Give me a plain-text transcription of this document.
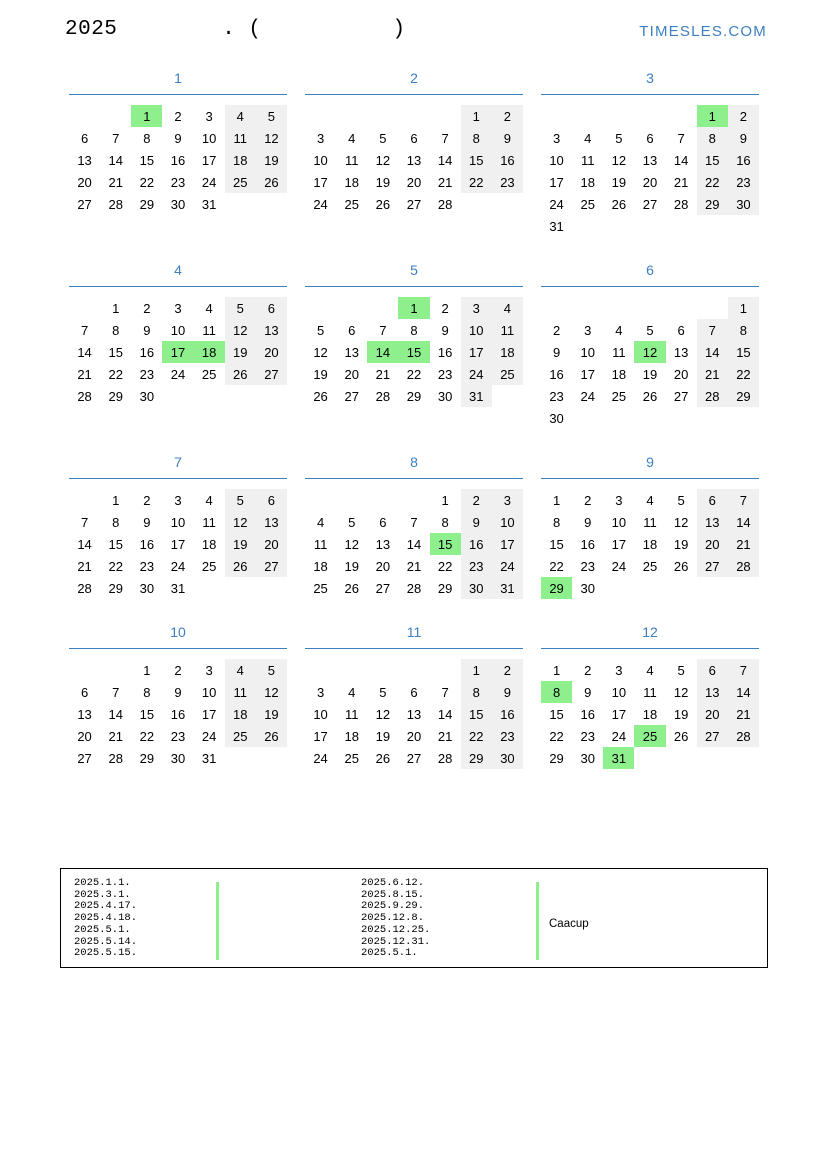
2025        . (          )	TIMESLES.COM
1

		1	2	3	4	5
6	7	8	9	10	11	12
13	14	15	16	17	18	19
20	21	22	23	24	25	26
27	28	29	30	31		
2

					1	2
3	4	5	6	7	8	9
10	11	12	13	14	15	16
17	18	19	20	21	22	23
24	25	26	27	28		
3

					1	2
3	4	5	6	7	8	9
10	11	12	13	14	15	16
17	18	19	20	21	22	23
24	25	26	27	28	29	30
31						
4

	1	2	3	4	5	6
7	8	9	10	11	12	13
14	15	16	17	18	19	20
21	22	23	24	25	26	27
28	29	30				
5

			1	2	3	4
5	6	7	8	9	10	11
12	13	14	15	16	17	18
19	20	21	22	23	24	25
26	27	28	29	30	31	
6

						1
2	3	4	5	6	7	8
9	10	11	12	13	14	15
16	17	18	19	20	21	22
23	24	25	26	27	28	29
30						
7

	1	2	3	4	5	6
7	8	9	10	11	12	13
14	15	16	17	18	19	20
21	22	23	24	25	26	27
28	29	30	31			
8

				1	2	3
4	5	6	7	8	9	10
11	12	13	14	15	16	17
18	19	20	21	22	23	24
25	26	27	28	29	30	31
9

1	2	3	4	5	6	7
8	9	10	11	12	13	14
15	16	17	18	19	20	21
22	23	24	25	26	27	28
29	30					
10

		1	2	3	4	5
6	7	8	9	10	11	12
13	14	15	16	17	18	19
20	21	22	23	24	25	26
27	28	29	30	31		
11

					1	2
3	4	5	6	7	8	9
10	11	12	13	14	15	16
17	18	19	20	21	22	23
24	25	26	27	28	29	30
12

1	2	3	4	5	6	7
8	9	10	11	12	13	14
15	16	17	18	19	20	21
22	23	24	25	26	27	28
29	30	31				
2025.1.1.
2025.3.1.
2025.4.17.
2025.4.18.
2025.5.1.
2025.5.14.
2025.5.15.
2025.6.12.
2025.8.15.
2025.9.29.
2025.12.8.
2025.12.25.
2025.12.31.
2025.5.1.
Caacup
